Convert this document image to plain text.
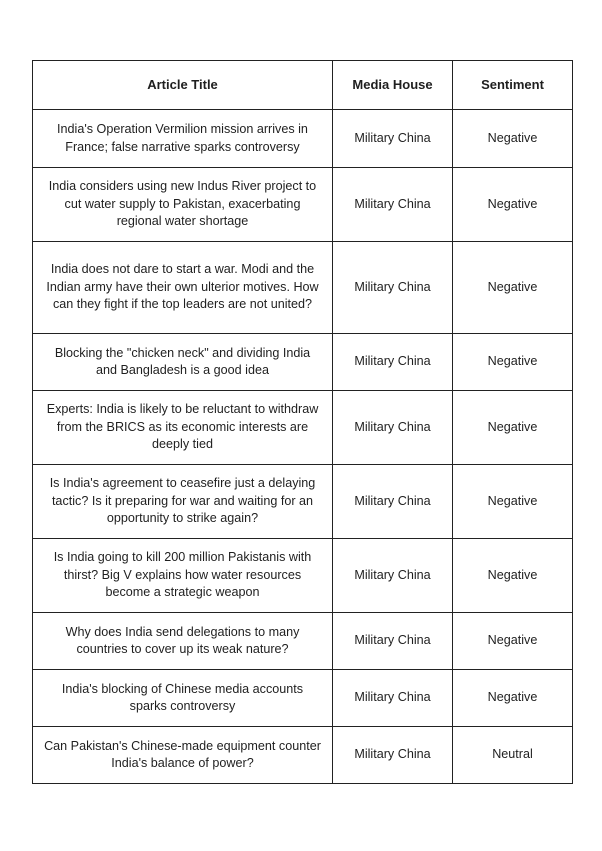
Article Title	Media House	Sentiment
India's Operation Vermilion mission arrives in France; false narrative sparks controversy	Military China	Negative
India considers using new Indus River project to cut water supply to Pakistan, exacerbating regional water shortage	Military China	Negative
India does not dare to start a war. Modi and the Indian army have their own ulterior motives. How can they fight if the top leaders are not united?	Military China	Negative
Blocking the "chicken neck" and dividing India and Bangladesh is a good idea	Military China	Negative
Experts: India is likely to be reluctant to withdraw from the BRICS as its economic interests are deeply tied	Military China	Negative
Is India's agreement to ceasefire just a delaying tactic? Is it preparing for war and waiting for an opportunity to strike again?	Military China	Negative
Is India going to kill 200 million Pakistanis with thirst? Big V explains how water resources become a strategic weapon	Military China	Negative
Why does India send delegations to many countries to cover up its weak nature?	Military China	Negative
India's blocking of Chinese media accounts sparks controversy	Military China	Negative
Can Pakistan's Chinese-made equipment counter India's balance of power?	Military China	Neutral
